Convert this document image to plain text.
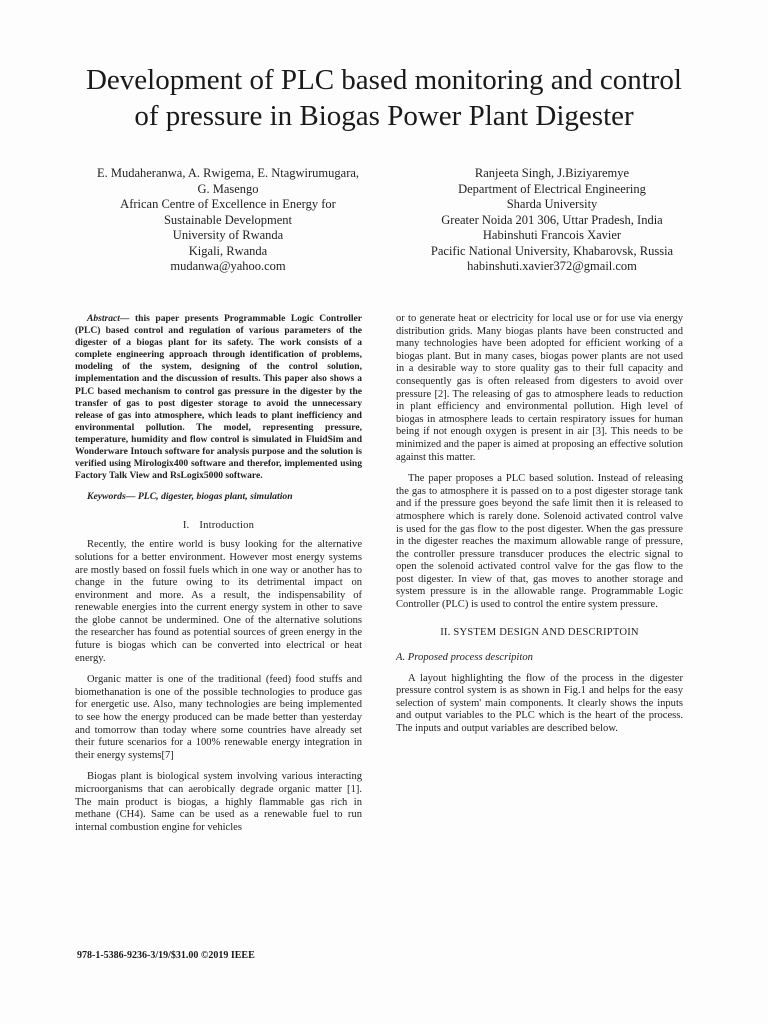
Development of PLC based monitoring and control
of pressure in Biogas Power Plant Digester
E. Mudaheranwa, A. Rwigema, E. Ntagwirumugara,
G. Masengo
African Centre of Excellence in Energy for
Sustainable Development
University of Rwanda
Kigali, Rwanda
mudanwa@yahoo.com
Ranjeeta Singh, J.Biziyaremye
Department of Electrical Engineering
Sharda University
Greater Noida 201 306, Uttar Pradesh, India
Habinshuti Francois Xavier
Pacific National University, Khabarovsk, Russia
habinshuti.xavier372@gmail.com

Abstract— this paper presents Programmable Logic Controller (PLC) based control and regulation of various parameters of the digester of a biogas plant for its safety. The work consists of a complete engineering approach through identification of problems, modeling of the system, designing of the control solution, implementation and the discussion of results. This paper also shows a PLC based mechanism to control gas pressure in the digester by the transfer of gas to post digester storage to avoid the unnecessary release of gas into atmosphere, which leads to plant inefficiency and environmental pollution. The model, representing pressure, temperature, humidity and flow control is simulated in FluidSim and Wonderware Intouch software for analysis purpose and the solution is verified using Mirologix400 software and therefor, implemented using Factory Talk View and RsLogix5000 software.

Keywords— PLC, digester, biogas plant, simulation

I. Introduction

Recently, the entire world is busy looking for the alternative solutions for a better environment. However most energy systems are mostly based on fossil fuels which in one way or another has to change in the future owing to its detrimental impact on environment and more. As a result, the indispensability of renewable energies into the current energy system in other to save the globe cannot be undermined. One of the alternative solutions the researcher has found as potential sources of green energy in the future is biogas which can be converted into electrical or heat energy.

Organic matter is one of the traditional (feed) food stuffs and biomethanation is one of the possible technologies to produce gas for energetic use. Also, many technologies are being implemented to see how the energy produced can be made better than yesterday and tomorrow than today where some countries have already set their future scenarios for a 100% renewable energy integration in their energy systems[7]

Biogas plant is biological system involving various interacting microorganisms that can aerobically degrade organic matter [1]. The main product is biogas, a highly flammable gas rich in methane (CH4). Same can be used as a renewable fuel to run internal combustion engine for vehicles

or to generate heat or electricity for local use or for use via energy distribution grids. Many biogas plants have been constructed and many technologies have been adopted for efficient working of a biogas plant. But in many cases, biogas power plants are not used in a desirable way to store quality gas to their full capacity and consequently gas is often released from digesters to avoid over pressure [2]. The releasing of gas to atmosphere leads to reduction in plant efficiency and environmental pollution. High level of biogas in atmosphere leads to certain respiratory issues for human being if not enough oxygen is present in air [3]. This needs to be minimized and the paper is aimed at proposing an effective solution against this matter.

The paper proposes a PLC based solution. Instead of releasing the gas to atmosphere it is passed on to a post digester storage tank and if the pressure goes beyond the safe limit then it is released to atmosphere which is rarely done. Solenoid activated control valve is used for the gas flow to the post digester. When the gas pressure in the digester reaches the maximum allowable range of pressure, the controller pressure transducer produces the electric signal to open the solenoid activated control valve for the gas flow to the post digester. In view of that, gas moves to another storage and system pressure is in the allowable range. Programmable Logic Controller (PLC) is used to control the entire system pressure.

II. SYSTEM DESIGN AND DESCRIPTOIN
A. Proposed process descripiton

A layout highlighting the flow of the process in the digester pressure control system is as shown in Fig.1 and helps for the easy selection of system' main components. It clearly shows the inputs and output variables to the PLC which is the heart of the process. The inputs and output variables are described below.

978-1-5386-9236-3/19/$31.00 ©2019 IEEE
